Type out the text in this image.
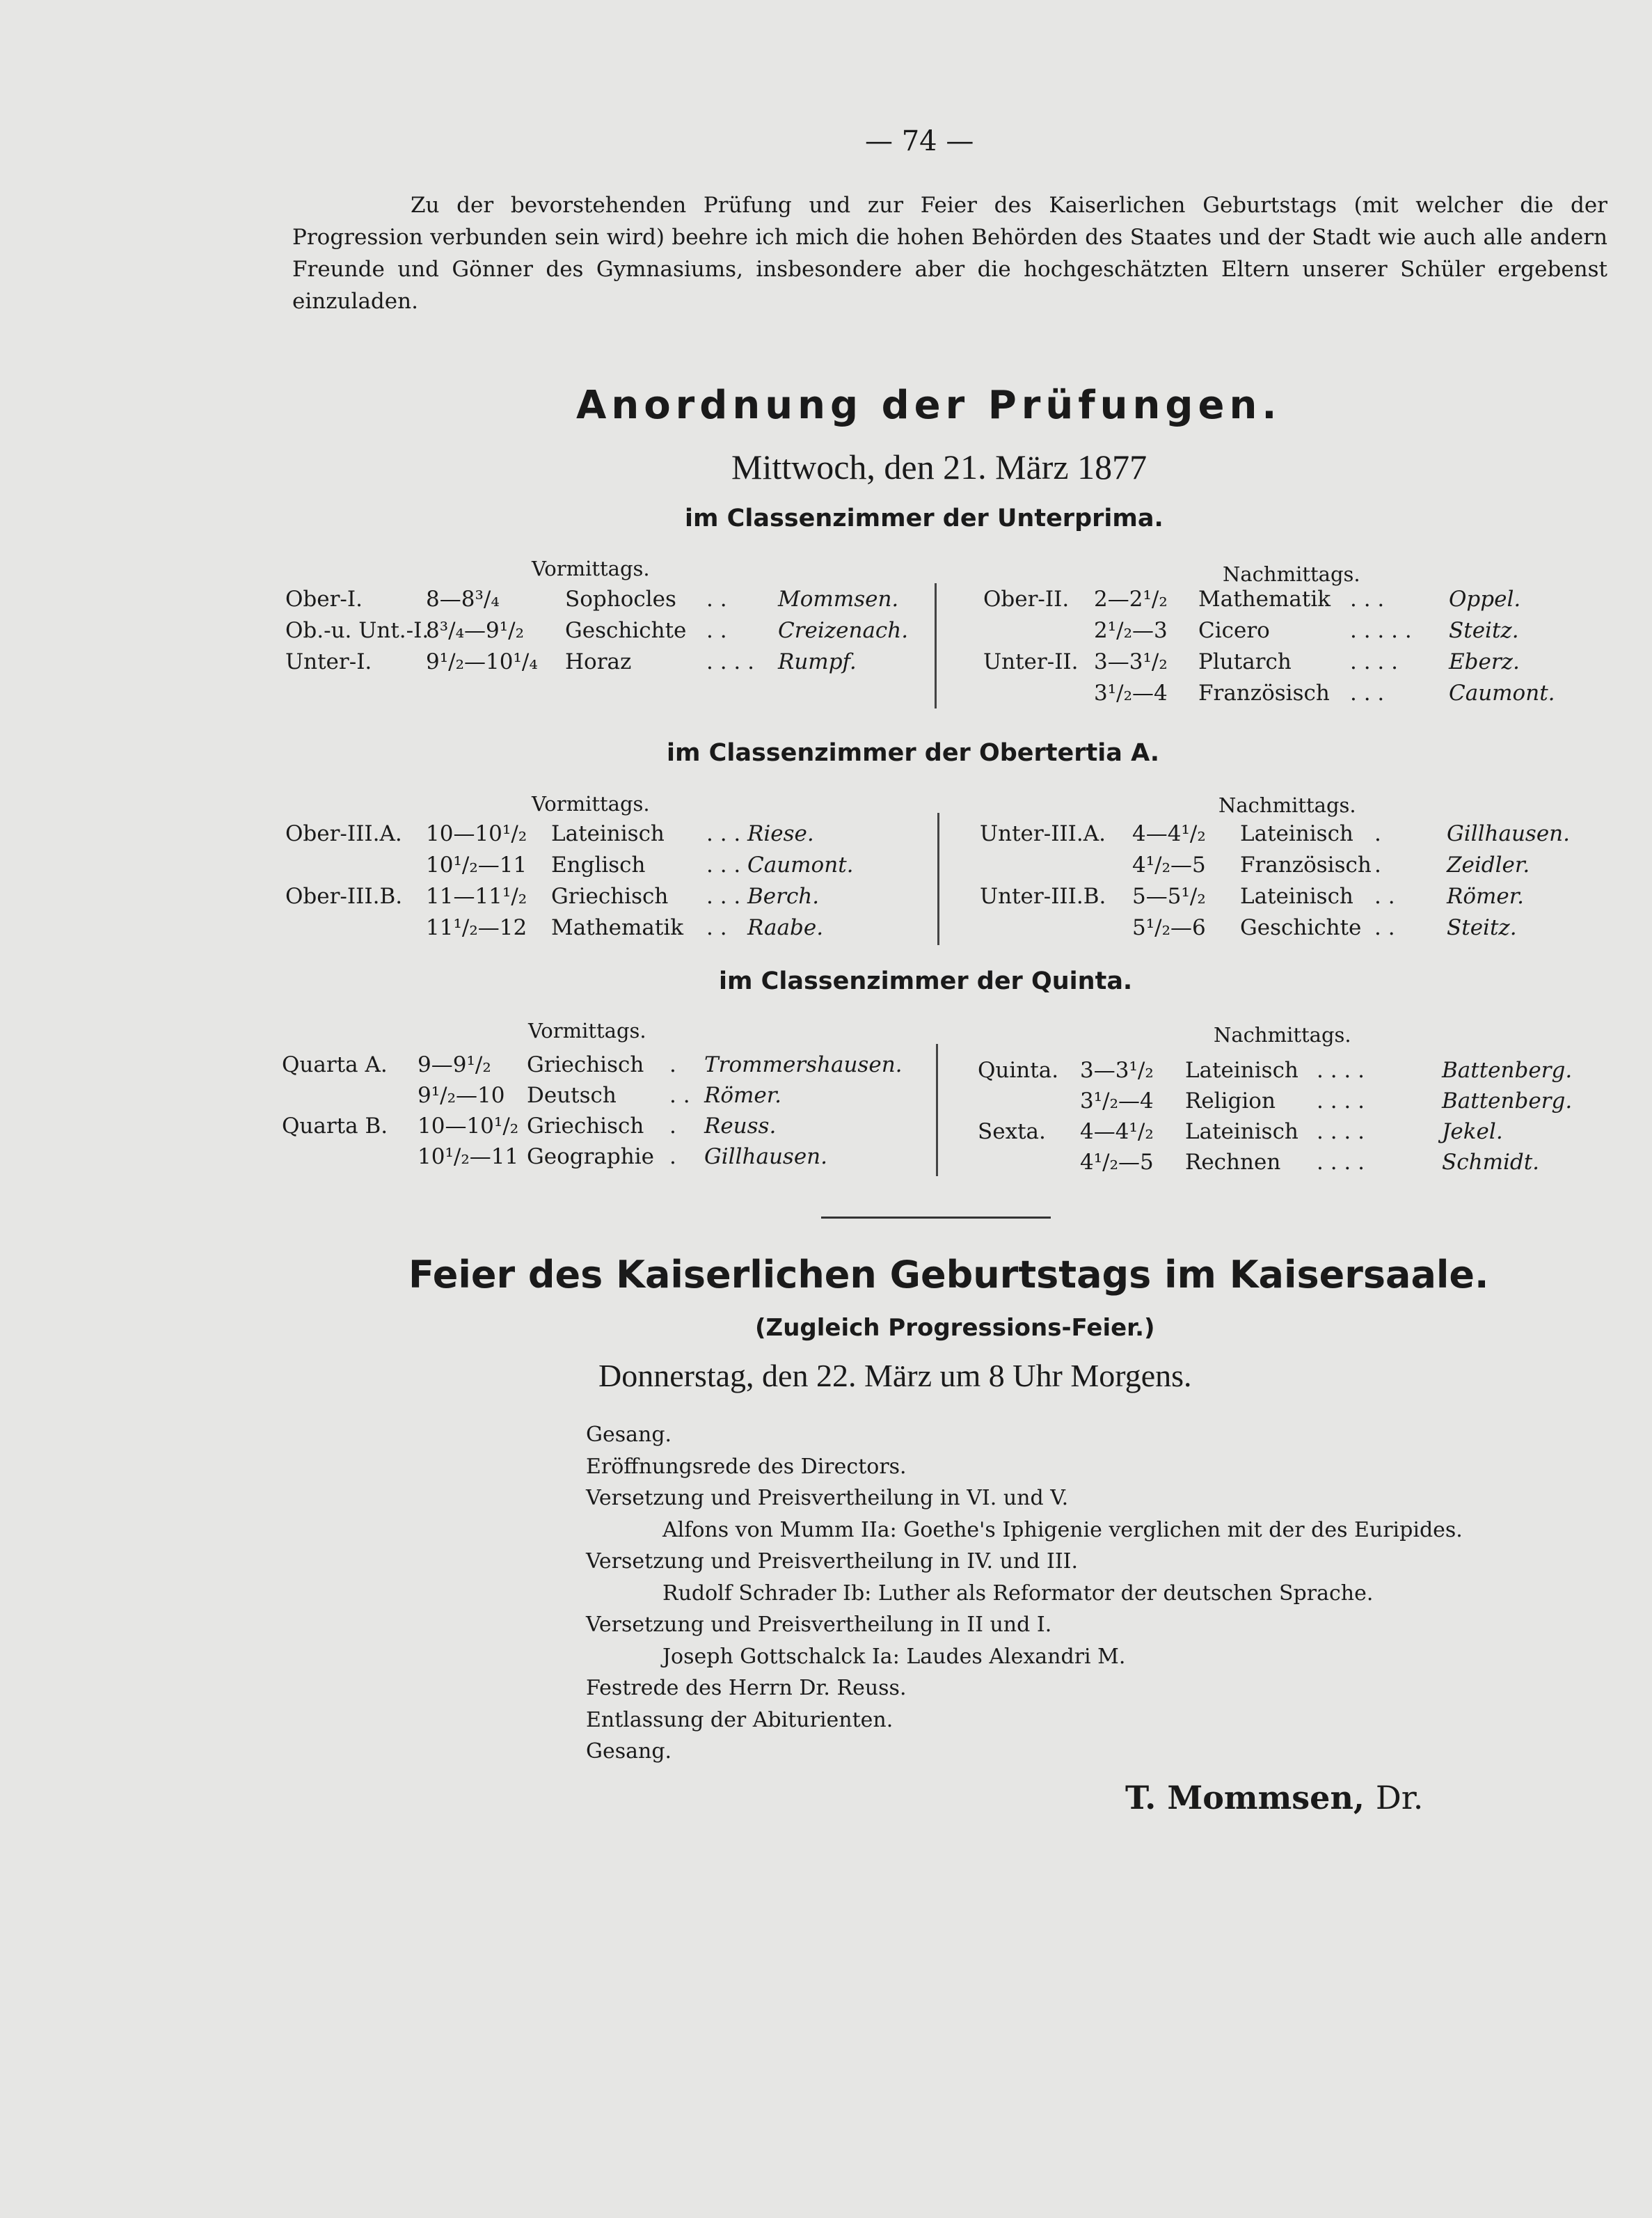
— 74 —
Zu der bevorstehenden Prüfung und zur Feier des Kaiserlichen Geburtstags (mit welcher die der Progression verbunden sein wird) beehre ich mich die hohen Behörden des Staates und der Stadt wie auch alle andern Freunde und Gönner des Gymnasiums, insbesondere aber die hochgeschätzten Eltern unserer Schüler ergebenst einzuladen.
Anordnung der Prüfungen.
Mittwoch, den 21. März 1877
im Classenzimmer der Unterprima.
Vormittags.	Nachmittags.
im Classenzimmer der Obertertia A.
Vormittags.	Nachmittags.
im Classenzimmer der Quinta.
Vormittags.	Nachmittags.
Ober-I.	8—8³/₄	Sophocles . . Mommsen.
Ob.-u. Unt.-I.
8³/₄—9¹/₂ Geschichte . . Creizenach.
Unter-I.	9¹/₂—10¹/₄ Horaz	. . . . Rumpf.
Ober-II. 2—2¹/₂ Mathematik . . .	Oppel.
2¹/₂—3 Cicero	. . . . . Steitz.
Unter-II. 3—3¹/₂ Plutarch	. . . . Eberz.
3¹/₂—4 Französisch . . .	Caumont.
Ober-III.A. 10—10¹/₂ Lateinisch . . . Riese.
10¹/₂—11 Englisch	. . . Caumont.
Ober-III.B. 11—11¹/₂ Griechisch . . . Berch.
11¹/₂—12 Mathematik . . Raabe.
Unter-III.A. 4—4¹/₂ Lateinisch .	Gillhausen.
4¹/₂—5 Französisch .	Zeidler.
Unter-III.B. 5—5¹/₂ Lateinisch . . Römer.
5¹/₂—6 Geschichte . . Steitz.
Quarta A. 9—9¹/₂ Griechisch . Trommershausen.
9¹/₂—10 Deutsch . . Römer.
Quarta B. 10—10¹/₂ Griechisch . Reuss.
10¹/₂—11 Geographie . Gillhausen.
Quinta. 3—3¹/₂ Lateinisch . . . .	Battenberg.
3¹/₂—4 Religion . . . .	Battenberg.
Sexta. 4—4¹/₂ Lateinisch . . . .	Jekel.
4¹/₂—5 Rechnen . . . .	Schmidt.
Feier des Kaiserlichen Geburtstags im Kaisersaale.
(Zugleich Progressions-Feier.)
Donnerstag, den 22. März um 8 Uhr Morgens.
Gesang.
Eröffnungsrede des Directors.
Versetzung und Preisvertheilung in VI. und V.
Alfons von Mumm IIa: Goethe's Iphigenie verglichen mit der des Euripides.
Versetzung und Preisvertheilung in IV. und III.
Rudolf Schrader Ib: Luther als Reformator der deutschen Sprache.
Versetzung und Preisvertheilung in II und I.
Joseph Gottschalck Ia: Laudes Alexandri M.
Festrede des Herrn Dr. Reuss.
Entlassung der Abiturienten.
Gesang.
T. Mommsen, Dr.
